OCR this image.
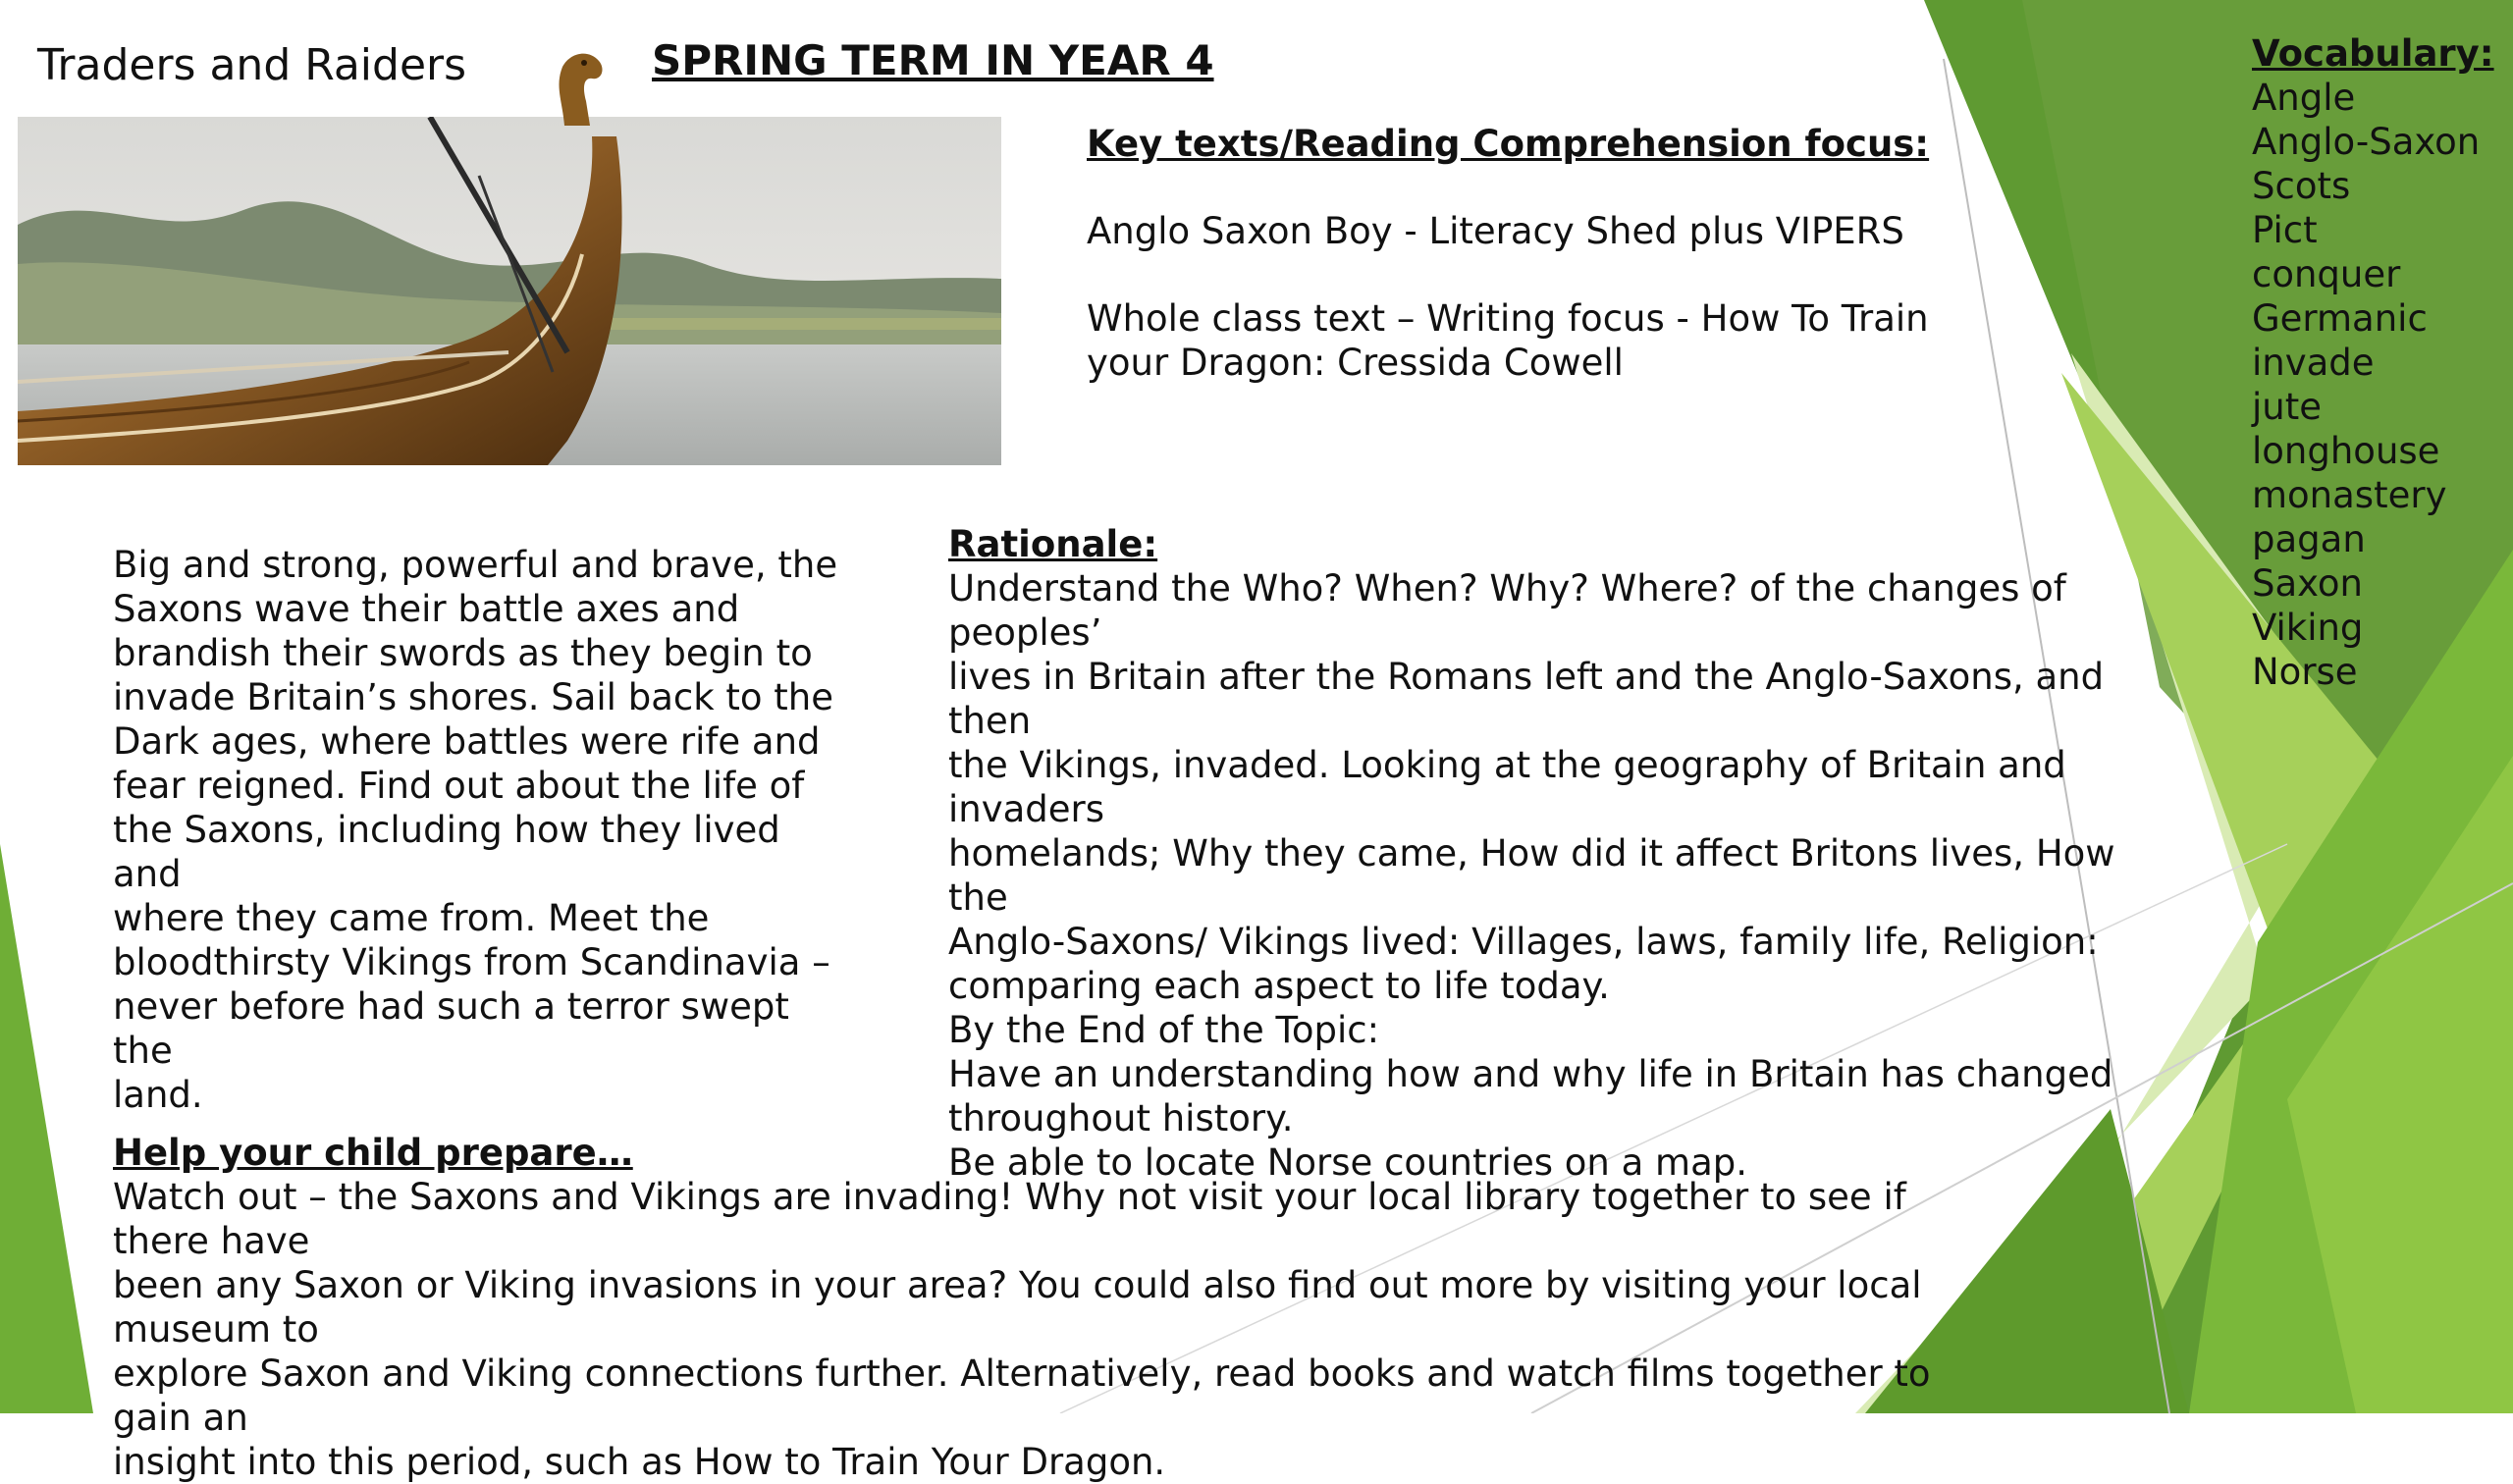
Traders and Raiders	SPRING TERM IN YEAR 4
Key texts/Reading Comprehension focus:
Anglo Saxon Boy - Literacy Shed plus VIPERS
Whole class text – Writing focus - How To Train
your Dragon: Cressida Cowell

Big and strong, powerful and brave, the
Saxons wave their battle axes and
brandish their swords as they begin to
invade Britain’s shores. Sail back to the
Dark ages, where battles were rife and
fear reigned. Find out about the life of
the Saxons, including how they lived and
where they came from. Meet the
bloodthirsty Vikings from Scandinavia –
never before had such a terror swept the
land.

Rationale:

Understand the Who? When? Why? Where? of the changes of peoples’
lives in Britain after the Romans left and the Anglo-Saxons, and then
the Vikings, invaded. Looking at the geography of Britain and invaders
homelands; Why they came, How did it affect Britons lives, How the
Anglo-Saxons/ Vikings lived: Villages, laws, family life, Religion:
comparing each aspect to life today.
By the End of the Topic:
Have an understanding how and why life in Britain has changed
throughout history.
Be able to locate Norse countries on a map.

Help your child prepare…

Watch out – the Saxons and Vikings are invading! Why not visit your local library together to see if there have
been any Saxon or Viking invasions in your area? You could also find out more by visiting your local museum to
explore Saxon and Viking connections further. Alternatively, read books and watch films together to gain an
insight into this period, such as How to Train Your Dragon.

Vocabulary:
Angle
Anglo-Saxon
Scots
Pict
conquer
Germanic
invade
jute
longhouse
monastery
pagan
Saxon
Viking
Norse
